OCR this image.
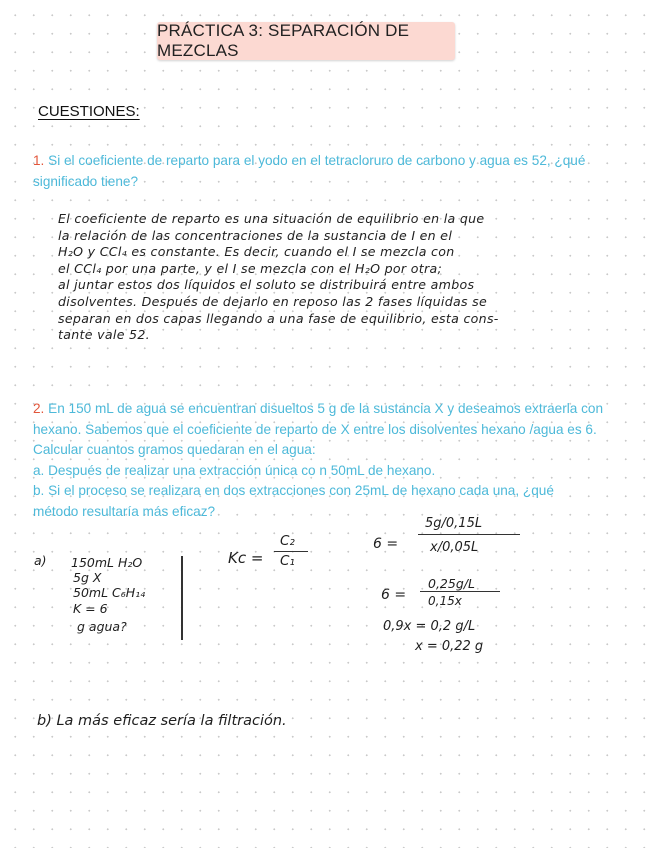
PRÁCTICA 3: SEPARACIÓN DE MEZCLAS
CUESTIONES:
1. Si el coeficiente de reparto para el yodo en el tetracloruro de carbono y agua es 52, ¿qué
significado tiene?
El coeficiente de reparto es una situación de equilibrio en la que
la relación de las concentraciones de la sustancia de I en el
H₂O y CCl₄ es constante. Es decir, cuando el I se mezcla con
el CCl₄ por una parte, y el I se mezcla con el H₂O por otra;
al juntar estos dos líquidos el soluto se distribuirá entre ambos
disolventes. Después de dejarlo en reposo las 2 fases líquidas se
separan en dos capas llegando a una fase de equilibrio, esta cons-
tante vale 52.
2. En 150 mL de agua se encuentran disueltos 5 g de la sustancia X y deseamos extraerla con
hexano. Sabemos que el coeficiente de reparto de X entre los disolventes hexano /agua es 6.
Calcular cuantos gramos quedaran en el agua:
a. Después de realizar una extracción única co n 50mL de hexano.
b. Si el proceso se realizara en dos extracciones con 25mL de hexano cada una, ¿qué
método resultaría más eficaz?
a) 150mL H₂O
5g X
50mL C₆H₁₄
K = 6
g agua?
Kc =
C₂
C₁
6 =
5g/0,15L
x/0,05L
6 =
0,25g/L
0,15x
0,9x = 0,2 g/L
x = 0,22 g
b) La más eficaz sería la filtración.
